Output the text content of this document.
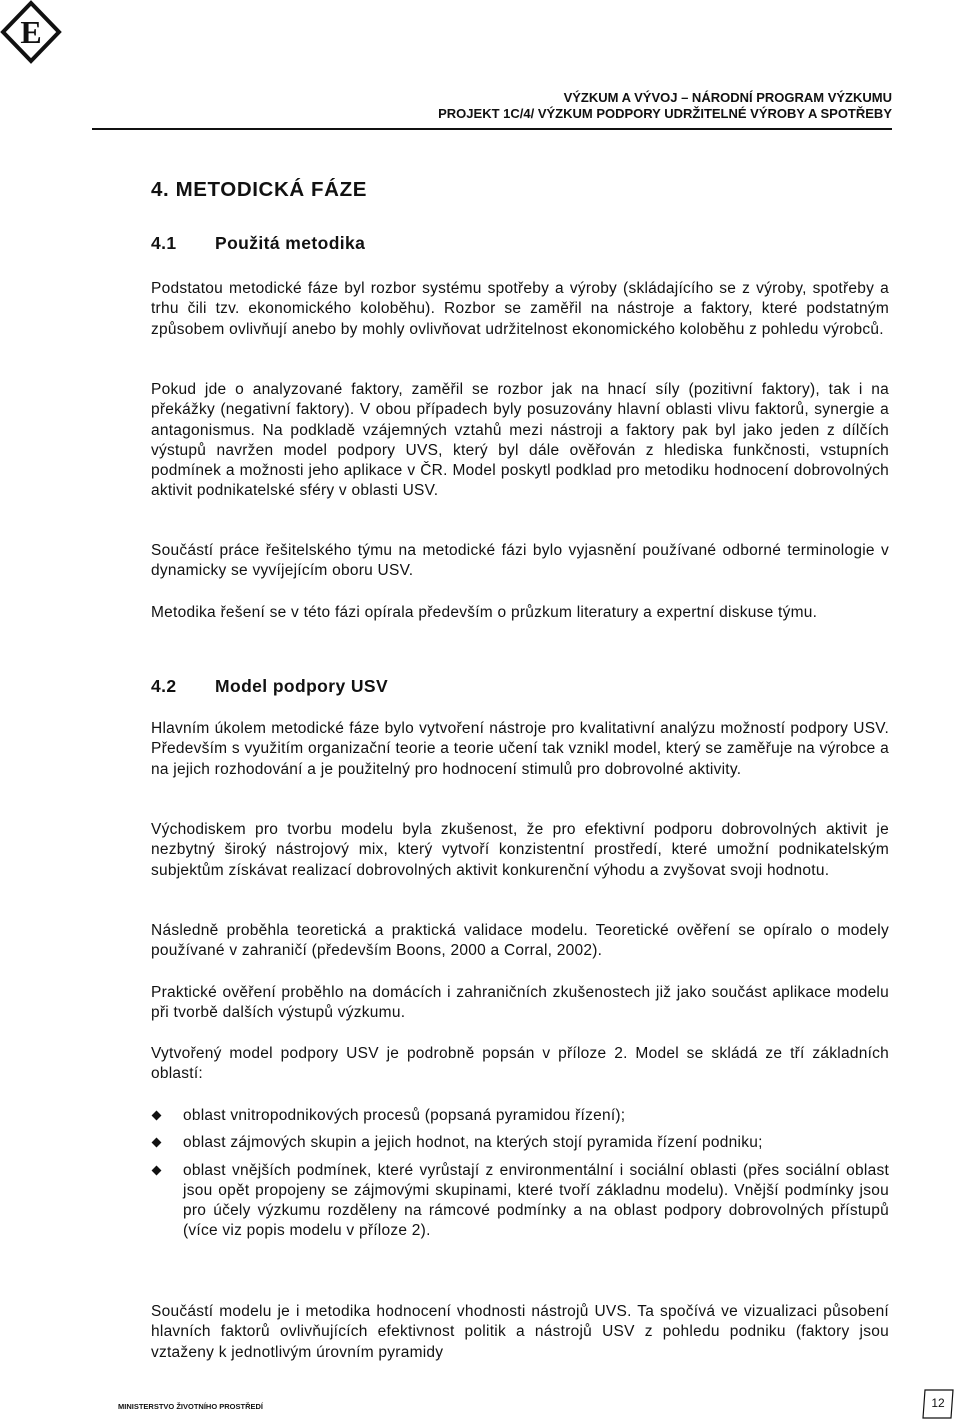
E
VÝZKUM A VÝVOJ – NÁRODNÍ PROGRAM VÝZKUMU
PROJEKT 1C/4/ VÝZKUM PODPORY UDRŽITELNÉ VÝROBY A SPOTŘEBY
4. METODICKÁ FÁZE
4.1 Použitá metodika

Podstatou metodické fáze byl rozbor systému spotřeby a výroby (skládajícího se z výroby, spotřeby a trhu čili tzv. ekonomického koloběhu). Rozbor se zaměřil na nástroje a faktory, které podstatným způsobem ovlivňují anebo by mohly ovlivňovat udržitelnost ekonomického koloběhu z pohledu výrobců.

Pokud jde o analyzované faktory, zaměřil se rozbor jak na hnací síly (pozitivní faktory), tak i na překážky (negativní faktory). V obou případech byly posuzovány hlavní oblasti vlivu faktorů, synergie a antagonismus. Na podkladě vzájemných vztahů mezi nástroji a faktory pak byl jako jeden z dílčích výstupů navržen model podpory UVS, který byl dále ověřován z hlediska funkčnosti, vstupních podmínek a možnosti jeho aplikace v ČR. Model poskytl podklad pro metodiku hodnocení dobrovolných aktivit podnikatelské sféry v oblasti USV.

Součástí práce řešitelského týmu na metodické fázi bylo vyjasnění používané odborné terminologie v dynamicky se vyvíjejícím oboru USV.

Metodika řešení se v této fázi opírala především o průzkum literatury a expertní diskuse týmu.

4.2 Model podpory USV

Hlavním úkolem metodické fáze bylo vytvoření nástroje pro kvalitativní analýzu možností podpory USV. Především s využitím organizační teorie a teorie učení tak vznikl model, který se zaměřuje na výrobce a na jejich rozhodování a je použitelný pro hodnocení stimulů pro dobrovolné aktivity.

Východiskem pro tvorbu modelu byla zkušenost, že pro efektivní podporu dobrovolných aktivit je nezbytný široký nástrojový mix, který vytvoří konzistentní prostředí, které umožní podnikatelským subjektům získávat realizací dobrovolných aktivit konkurenční výhodu a zvyšovat svoji hodnotu.

Následně proběhla teoretická a praktická validace modelu. Teoretické ověření se opíralo o modely používané v zahraničí (především Boons, 2000 a Corral, 2002).

Praktické ověření proběhlo na domácích i zahraničních zkušenostech již jako součást aplikace modelu při tvorbě dalších výstupů výzkumu.

Vytvořený model podpory USV je podrobně popsán v příloze 2. Model se skládá ze tří základních oblastí:

oblast vnitropodnikových procesů (popsaná pyramidou řízení);
oblast zájmových skupin a jejich hodnot, na kterých stojí pyramida řízení podniku;
oblast vnějších podmínek, které vyrůstají z environmentální i sociální oblasti (přes sociální oblast jsou opět propojeny se zájmovými skupinami, které tvoří základnu modelu). Vnější podmínky jsou pro účely výzkumu rozděleny na rámcové podmínky a na oblast podpory dobrovolných přístupů (více viz popis modelu v příloze 2).

Součástí modelu je i metodika hodnocení vhodnosti nástrojů UVS. Ta spočívá ve vizualizaci působení hlavních faktorů ovlivňujících efektivnost politik a nástrojů USV z pohledu podniku (faktory jsou vztaženy k jednotlivým úrovním pyramidy

MINISTERSTVO ŽIVOTNÍHO PROSTŘEDÍ	12
